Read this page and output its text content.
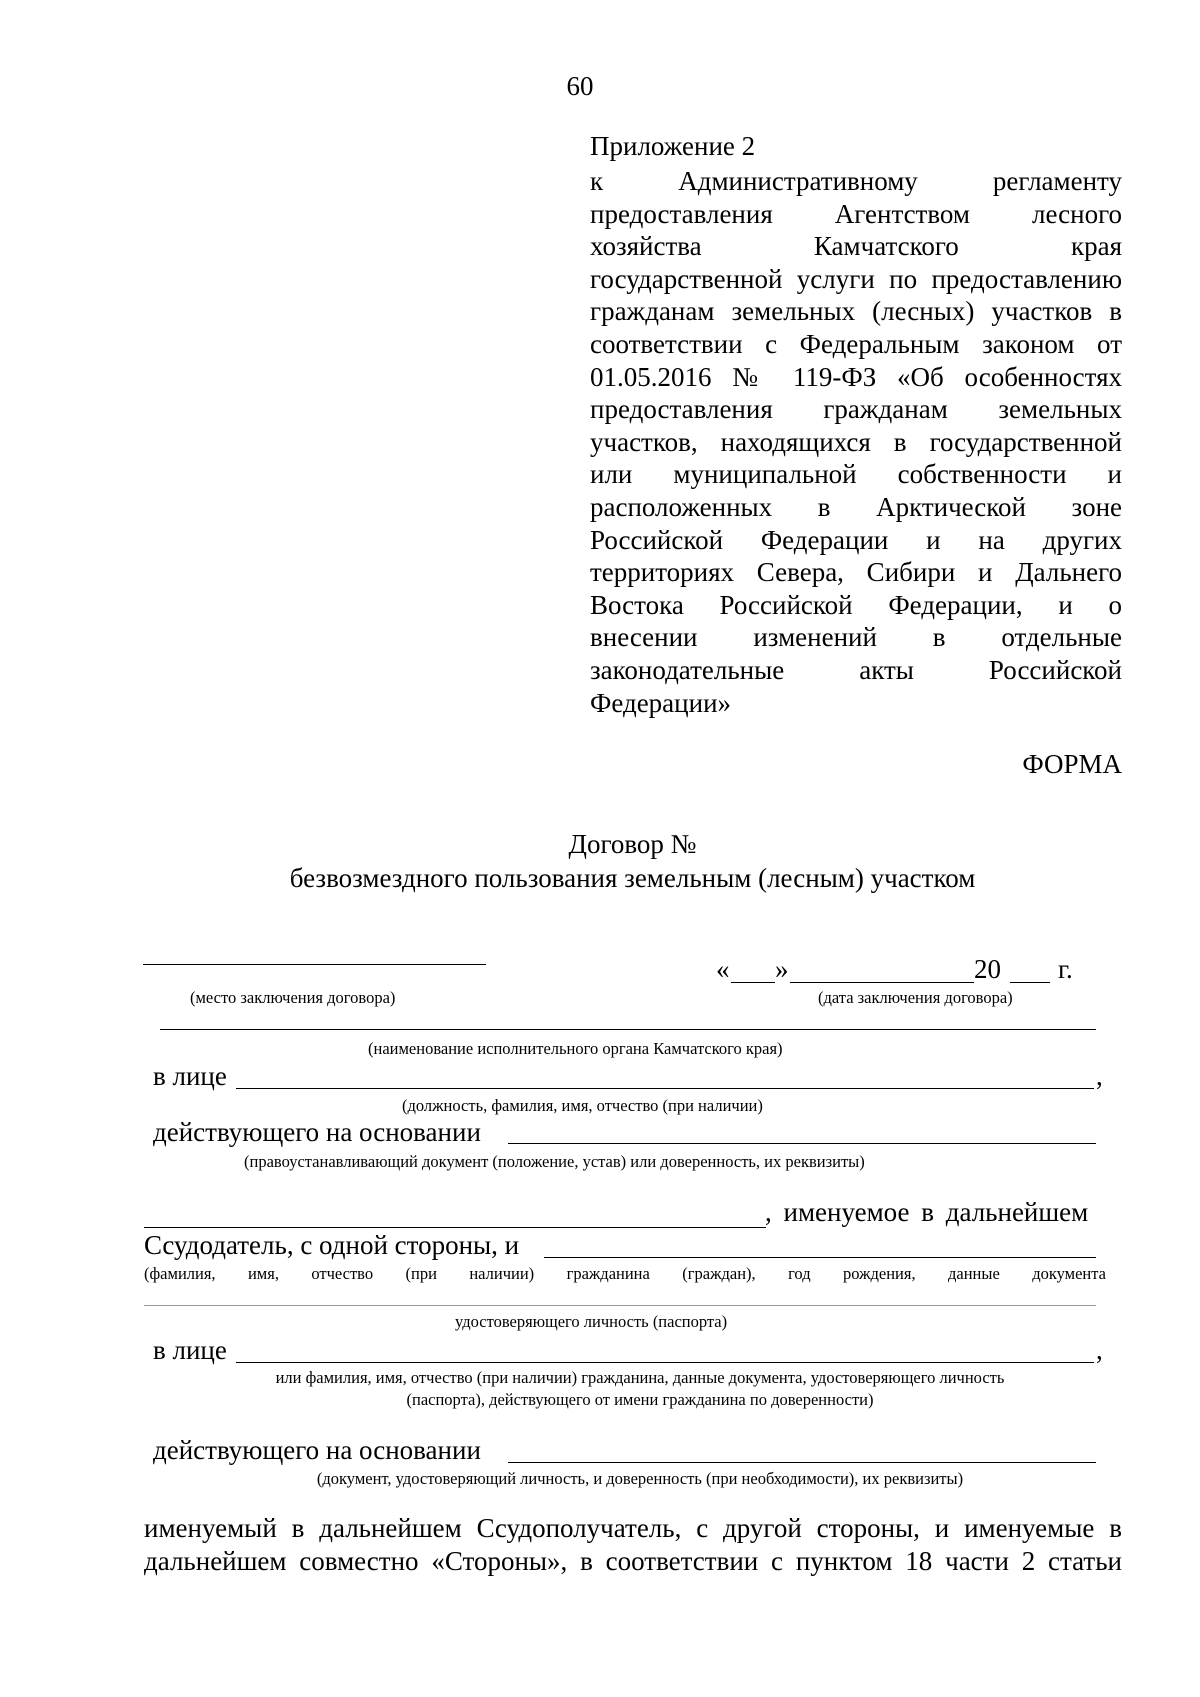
60
Приложение 2
к Административному регламенту
предоставления Агентством лесного
хозяйства Камчатского края
государственной услуги по предоставлению
гражданам земельных (лесных) участков в
соответствии с Федеральным законом от
01.05.2016 № 119-ФЗ «Об особенностях
предоставления гражданам земельных
участков, находящихся в государственной
или муниципальной собственности и
расположенных в Арктической зоне
Российской Федерации и на других
территориях Севера, Сибири и Дальнего
Востока Российской Федерации, и о
внесении изменений в отдельные
законодательные акты Российской
Федерации»
ФОРМА
Договор №
безвозмездного пользования земельным (лесным) участком
(место заключения договора)
« »	20 г.
(дата заключения договора)
(наименование исполнительного органа Камчатского края)
в лице	,
(должность, фамилия, имя, отчество (при наличии)
действующего на основании
(правоустанавливающий документ (положение, устав) или доверенность, их реквизиты)
, именуемое в дальнейшем
Ссудодатель, с одной стороны, и
(фамилия, имя, отчество (при наличии) гражданина (граждан), год рождения, данные документа
удостоверяющего личность (паспорта)
в лице	,
или фамилия, имя, отчество (при наличии) гражданина, данные документа, удостоверяющего личность
(паспорта), действующего от имени гражданина по доверенности)
действующего на основании
(документ, удостоверяющий личность, и доверенность (при необходимости), их реквизиты)
именуемый в дальнейшем Ссудополучатель, с другой стороны, и именуемые в
дальнейшем совместно «Стороны», в соответствии с пунктом 18 части 2 статьи
